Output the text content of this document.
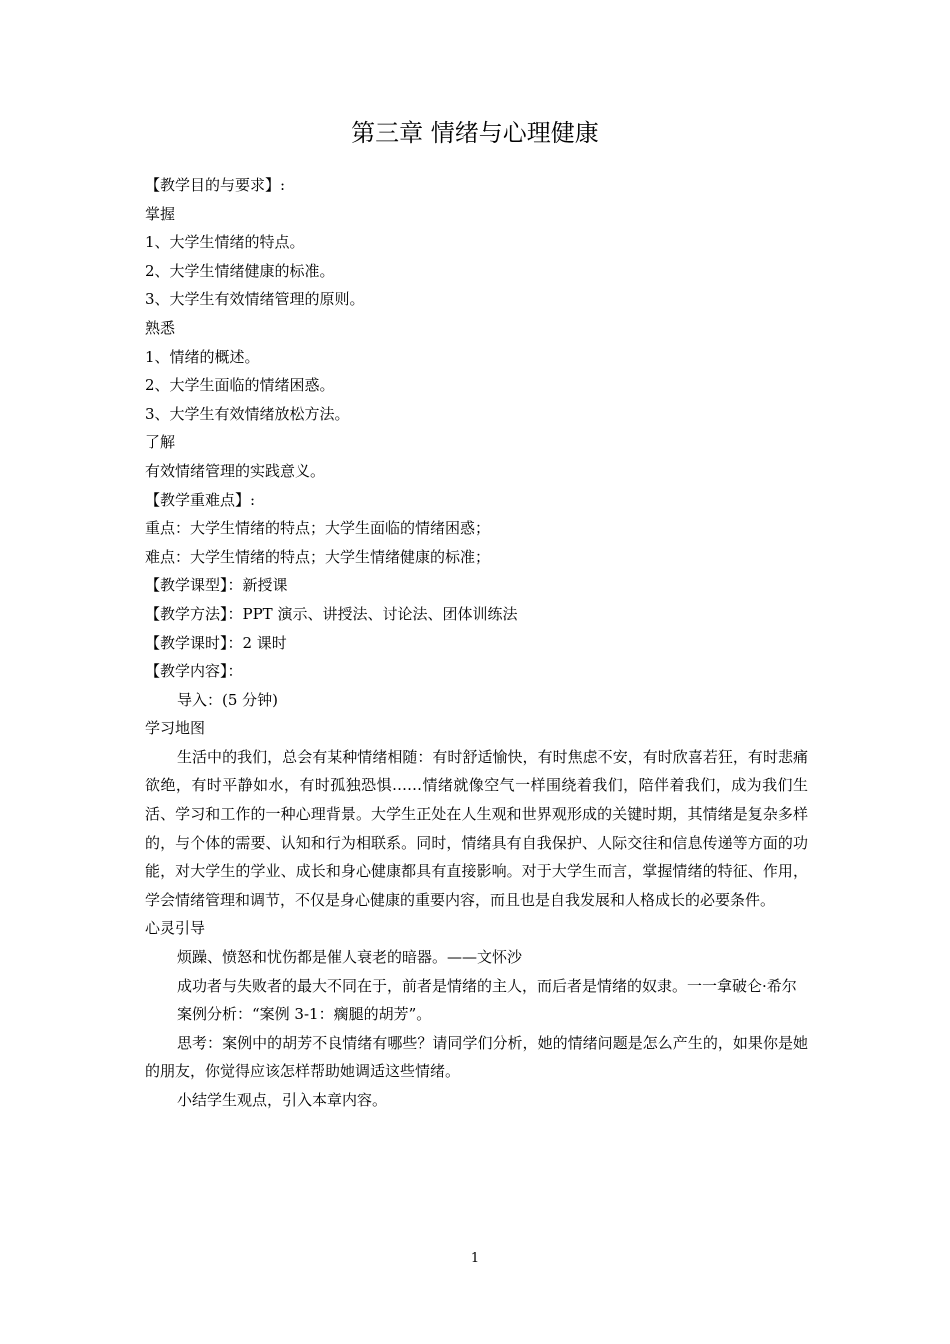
第三章 情绪与心理健康
【教学目的与要求】:
掌握
1、大学生情绪的特点。
2、大学生情绪健康的标准。
3、大学生有效情绪管理的原则。
熟悉
1、情绪的概述。
2、大学生面临的情绪困惑。
3、大学生有效情绪放松方法。
了解
有效情绪管理的实践意义。
【教学重难点】:
重点：大学生情绪的特点；大学生面临的情绪困惑；
难点：大学生情绪的特点；大学生情绪健康的标准；
【教学课型】：新授课
【教学方法】：PPT 演示、讲授法、讨论法、团体训练法
【教学课时】：2 课时
【教学内容】：
导入：(5 分钟)
学习地图

生活中的我们，总会有某种情绪相随：有时舒适愉快，有时焦虑不安，有时欣喜若狂，有时悲痛欲绝，有时平静如水，有时孤独恐惧……情绪就像空气一样围绕着我们，陪伴着我们，成为我们生活、学习和工作的一种心理背景。大学生正处在人生观和世界观形成的关键时期，其情绪是复杂多样的，与个体的需要、认知和行为相联系。同时，情绪具有自我保护、人际交往和信息传递等方面的功能，对大学生的学业、成长和身心健康都具有直接影响。对于大学生而言，掌握情绪的特征、作用，学会情绪管理和调节，不仅是身心健康的重要内容，而且也是自我发展和人格成长的必要条件。

心灵引导
烦躁、愤怒和忧伤都是催人衰老的暗器。——文怀沙

成功者与失败者的最大不同在于，前者是情绪的主人，而后者是情绪的奴隶。一一拿破仑·希尔

案例分析：“案例 3-1：瘸腿的胡芳”。

思考：案例中的胡芳不良情绪有哪些？请同学们分析，她的情绪问题是怎么产生的，如果你是她的朋友，你觉得应该怎样帮助她调适这些情绪。

小结学生观点，引入本章内容。
1
